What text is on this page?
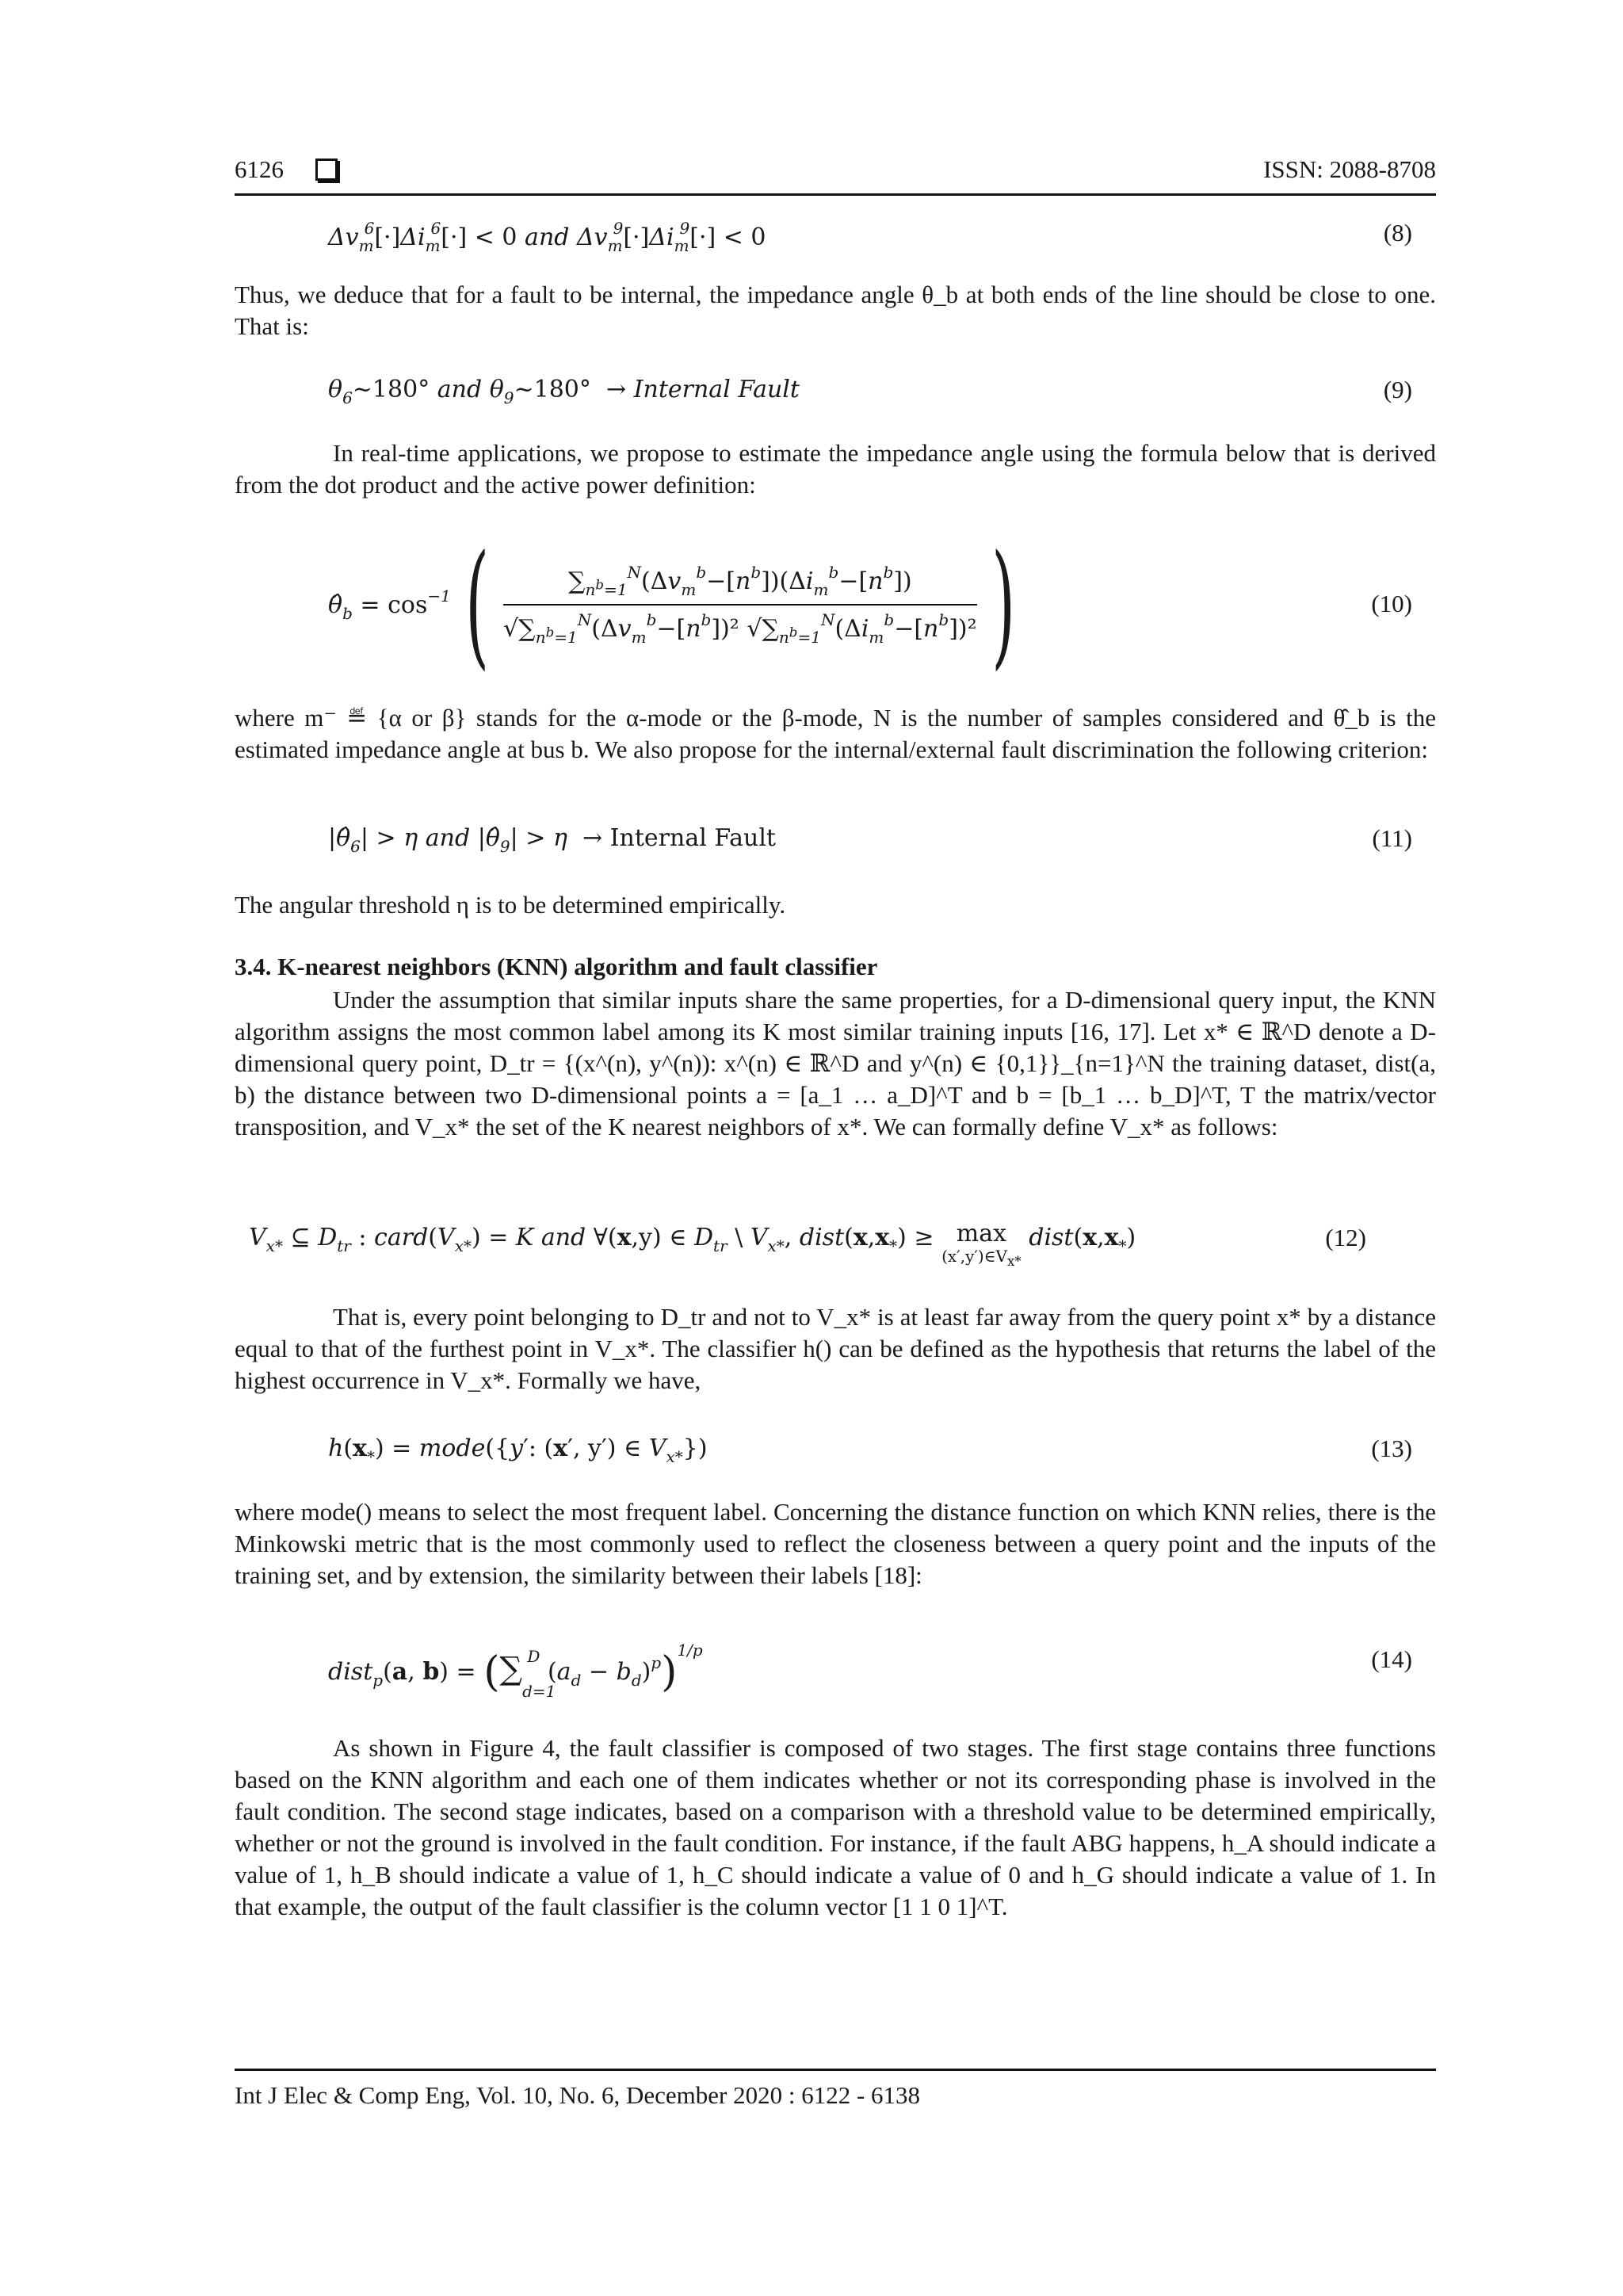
6126	ISSN: 2088-8708
$\Delta v_m^6[\cdot]\Delta i_m^6[\cdot] < 0$ and $\Delta v_m^9[\cdot]\Delta i_m^9[\cdot] < 0$	(8)
Thus, we deduce that for a fault to be internal, the impedance angle θ_b at both ends of the line should be close to one. That is:
$\theta_6\sim 180^\circ$ and $\theta_9\sim 180^\circ$  → Internal Fault	(9)
In real-time applications, we propose to estimate the impedance angle using the formula below that is derived from the dot product and the active power definition:
$\thetâ_b = \cos^{-1}$ ( $\frac{\sum_{n^b=1}^N(\Delta v_m^b-[n^b])(\Delta i_m^b-[n^b])}{√\sum_{n^b=1}^N(\Delta v_m^b-[n^b])^2 √\sum_{n^b=1}^N(\Delta i_m^b-[n^b])^2}$ )	(10)
where m⁻ ≝ {α or β} stands for the α-mode or the β-mode, N is the number of samples considered and θ̂_b is the estimated impedance angle at bus b. We also propose for the internal/external fault discrimination the following criterion:
$|\thetâ_6| > \eta$ and $|\thetâ_9| > \eta$  → Internal Fault	(11)
The angular threshold η is to be determined empirically.
3.4. K-nearest neighbors (KNN) algorithm and fault classifier
Under the assumption that similar inputs share the same properties, for a D-dimensional query input, the KNN algorithm assigns the most common label among its K most similar training inputs [16, 17]. Let x* ∈ ℝ^D denote a D-dimensional query point, D_tr = {(x^(n), y^(n)): x^(n) ∈ ℝ^D and y^(n) ∈ {0,1}}_{n=1}^N the training dataset, dist(a, b) the distance between two D-dimensional points a = [a_1 … a_D]^T and b = [b_1 … b_D]^T, T the matrix/vector transposition, and V_x* the set of the K nearest neighbors of x*. We can formally define V_x* as follows:
$V_{x*}$ ⊆ $D_{tr}$ : $card(V_{x*}) = K$ and ∀(x,y) ∈ $D_{tr}$ \ $V_{x*}$, $dist(x,x_*) \ge \max$
$(x',y')\in V_{x*}$ $dist(x,x_*)$	(12)
That is, every point belonging to D_tr and not to V_x* is at least far away from the query point x* by a distance equal to that of the furthest point in V_x*. The classifier h() can be defined as the hypothesis that returns the label of the highest occurrence in V_x*. Formally we have,
$h(x_*)$ = mode({y′: (x′, y′) ∈ $V_{x*}$})	(13)
where mode() means to select the most frequent label. Concerning the distance function on which KNN relies, there is the Minkowski metric that is the most commonly used to reflect the closeness between a query point and the inputs of the training set, and by extension, the similarity between their labels [18]:
dist$_p$(a, $b) = (\sum_{d=1}^D$ $(a_d - b_d)^p)^{1/p}$	(14)
As shown in Figure 4, the fault classifier is composed of two stages. The first stage contains three functions based on the KNN algorithm and each one of them indicates whether or not its corresponding phase is involved in the fault condition. The second stage indicates, based on a comparison with a threshold value to be determined empirically, whether or not the ground is involved in the fault condition. For instance, if the fault ABG happens, h_A should indicate a value of 1, h_B should indicate a value of 1, h_C should indicate a value of 0 and h_G should indicate a value of 1. In that example, the output of the fault classifier is the column vector [1 1 0 1]^T.
Int J Elec & Comp Eng, Vol. 10, No. 6, December 2020 : 6122 - 6138
